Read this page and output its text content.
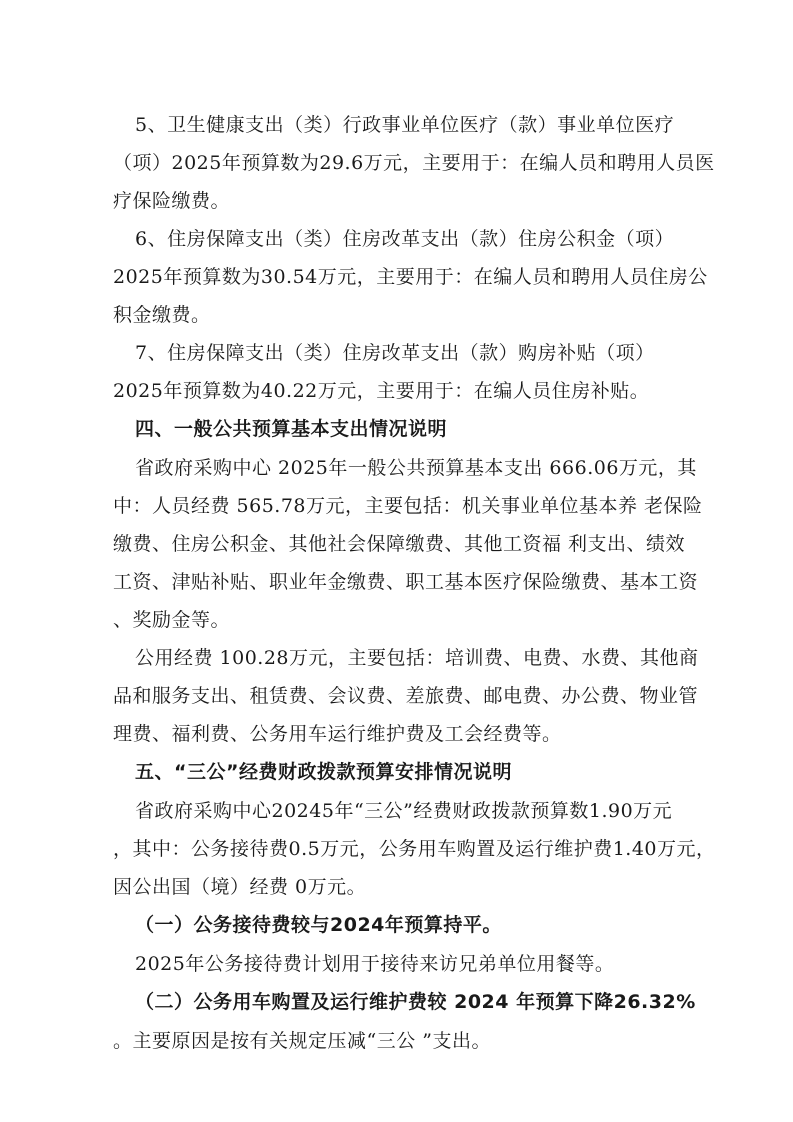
5、卫生健康支出（类）行政事业单位医疗（款）事业单位医疗
（项）2025年预算数为29.6万元，主要用于：在编人员和聘用人员医
疗保险缴费。
6、住房保障支出（类）住房改革支出（款）住房公积金（项）
2025年预算数为30.54万元，主要用于：在编人员和聘用人员住房公
积金缴费。
7、住房保障支出（类）住房改革支出（款）购房补贴（项）
2025年预算数为40.22万元，主要用于：在编人员住房补贴。
四、一般公共预算基本支出情况说明
省政府采购中心 2025年一般公共预算基本支出 666.06万元，其
中：人员经费 565.78万元，主要包括：机关事业单位基本养 老保险
缴费、住房公积金、其他社会保障缴费、其他工资福 利支出、绩效
工资、津贴补贴、职业年金缴费、职工基本医疗保险缴费、基本工资
、奖励金等。
公用经费 100.28万元，主要包括：培训费、电费、水费、其他商
品和服务支出、租赁费、会议费、差旅费、邮电费、办公费、物业管
理费、福利费、公务用车运行维护费及工会经费等。
五、“三公”经费财政拨款预算安排情况说明
省政府采购中心20245年“三公”经费财政拨款预算数1.90万元
，其中：公务接待费0.5万元，公务用车购置及运行维护费1.40万元，
因公出国（境）经费 0万元。
（一）公务接待费较与2024年预算持平。
2025年公务接待费计划用于接待来访兄弟单位用餐等。
（二）公务用车购置及运行维护费较 2024 年预算下降26.32%
。主要原因是按有关规定压减“三公 ”支出。
